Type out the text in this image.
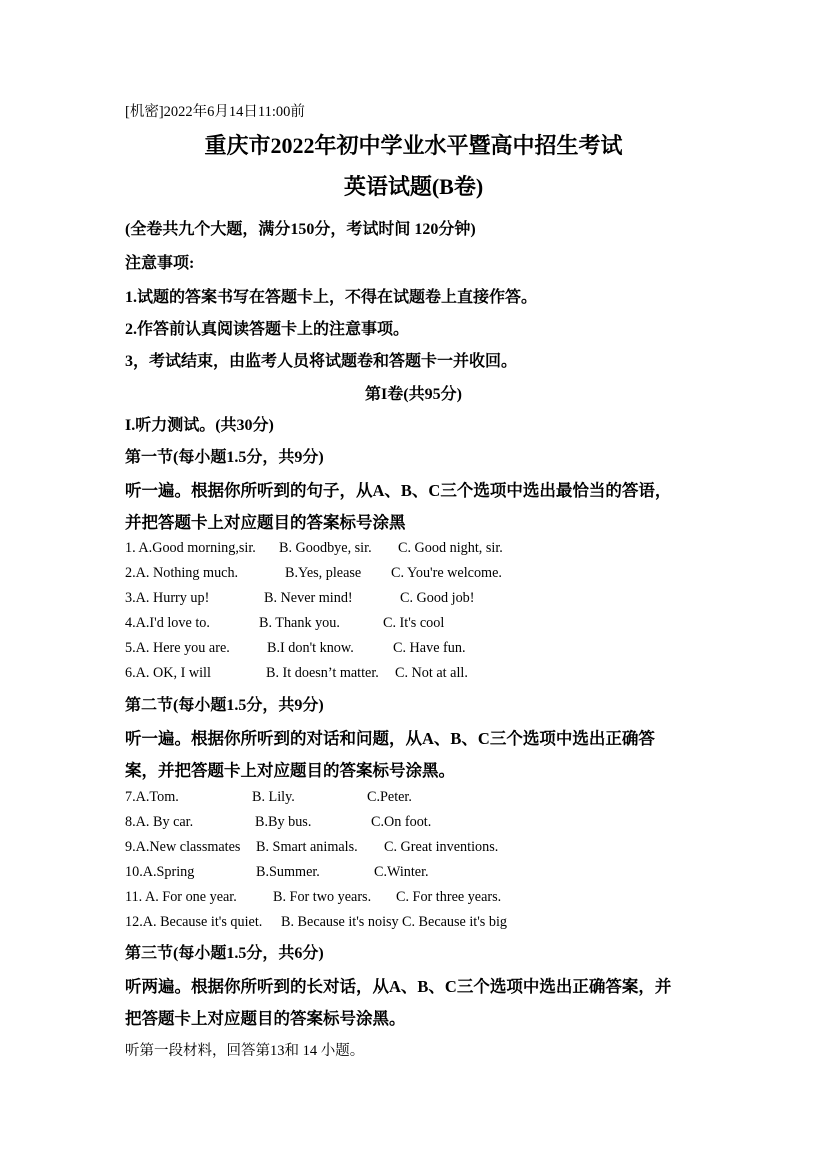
[机密]2022年6月14日11:00前
重庆市2022年初中学业水平暨高中招生考试
英语试题(B卷)
(全卷共九个大题，满分150分，考试时间 120分钟)
注意事项:
1.试题的答案书写在答题卡上，不得在试题卷上直接作答。
2.作答前认真阅读答题卡上的注意事项。
3，考试结束，由监考人员将试题卷和答题卡一并收回。
第I卷(共95分)
I.听力测试。(共30分)
第一节(每小题1.5分，共9分)
听一遍。根据你所听到的句子，从A、B、C三个选项中选出最恰当的答语，
并把答题卡上对应题目的答案标号涂黑
1. A.Good morning,sir. B. Goodbye, sir. C. Good night, sir.
2.A. Nothing much.	B.Yes, please C. You're welcome.
3.A. Hurry up!	B. Never mind!	C. Good job!
4.A.I'd love to.	B. Thank you.	C. It's cool
5.A. Here you are.	B.I don't know.	C. Have fun.
6.A. OK, I will	B. It doesn’t matter. C. Not at all.
第二节(每小题1.5分，共9分)
听一遍。根据你所听到的对话和问题，从A、B、C三个选项中选出正确答
案，并把答题卡上对应题目的答案标号涂黑。
7.A.Tom.	B. Lily.	C.Peter.
8.A. By car.	B.By bus.	C.On foot.
9.A.New classmates B. Smart animals. C. Great inventions.
10.A.Spring	B.Summer.	C.Winter.
11. A. For one year.	B. For two years. C. For three years.
12.A. Because it's quiet. B. Because it's noisy C. Because it's big
第三节(每小题1.5分，共6分)
听两遍。根据你所听到的长对话，从A、B、C三个选项中选出正确答案，并
把答题卡上对应题目的答案标号涂黑。
听第一段材料，回答第13和 14 小题。
